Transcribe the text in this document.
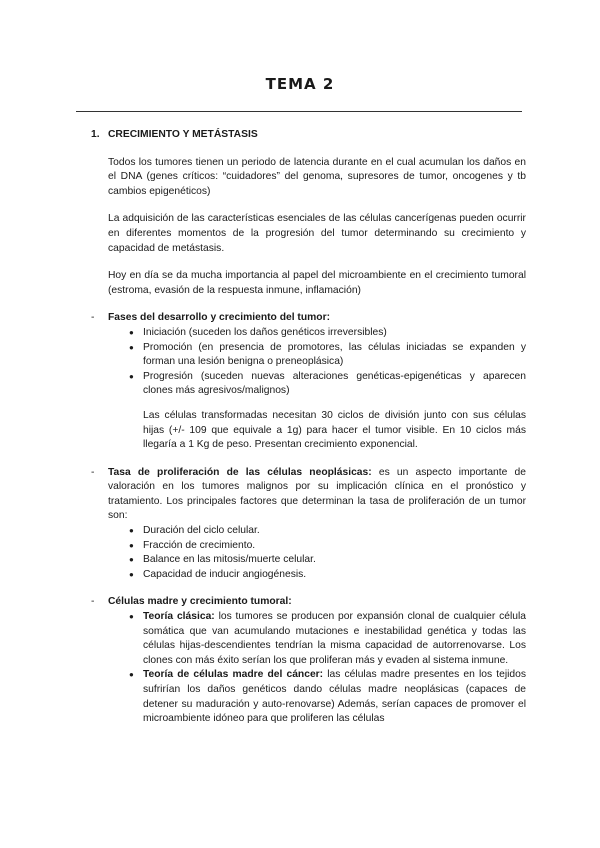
TEMA 2
1. CRECIMIENTO Y METÁSTASIS

Todos los tumores tienen un periodo de latencia durante en el cual acumulan los daños en el DNA (genes críticos: “cuidadores” del genoma, supresores de tumor, oncogenes y tb cambios epigenéticos)

La adquisición de las características esenciales de las células cancerígenas pueden ocurrir en diferentes momentos de la progresión del tumor determinando su crecimiento y capacidad de metástasis.

Hoy en día se da mucha importancia al papel del microambiente en el crecimiento tumoral (estroma, evasión de la respuesta inmune, inflamación)

- Fases del desarrollo y crecimiento del tumor:
● Iniciación (suceden los daños genéticos irreversibles)
● Promoción (en presencia de promotores, las células iniciadas se expanden y forman una lesión benigna o preneoplásica)
● Progresión (suceden nuevas alteraciones genéticas-epigenéticas y aparecen clones más agresivos/malignos)
Las células transformadas necesitan 30 ciclos de división junto con sus células hijas (+/- 109 que equivale a 1g) para hacer el tumor visible. En 10 ciclos más llegaría a 1 Kg de peso. Presentan crecimiento exponencial.
- Tasa de proliferación de las células neoplásicas: es un aspecto importante de valoración en los tumores malignos por su implicación clínica en el pronóstico y tratamiento. Los principales factores que determinan la tasa de proliferación de un tumor son:
● Duración del ciclo celular.
● Fracción de crecimiento.
● Balance en las mitosis/muerte celular.
● Capacidad de inducir angiogénesis.
- Células madre y crecimiento tumoral:
● Teoría clásica: los tumores se producen por expansión clonal de cualquier célula somática que van acumulando mutaciones e inestabilidad genética y todas las células hijas-descendientes tendrían la misma capacidad de autorrenovarse. Los clones con más éxito serían los que proliferan más y evaden al sistema inmune.
● Teoría de células madre del cáncer: las células madre presentes en los tejidos sufrirían los daños genéticos dando células madre neoplásicas (capaces de detener su maduración y auto-renovarse) Además, serían capaces de promover el microambiente idóneo para que proliferen las células
